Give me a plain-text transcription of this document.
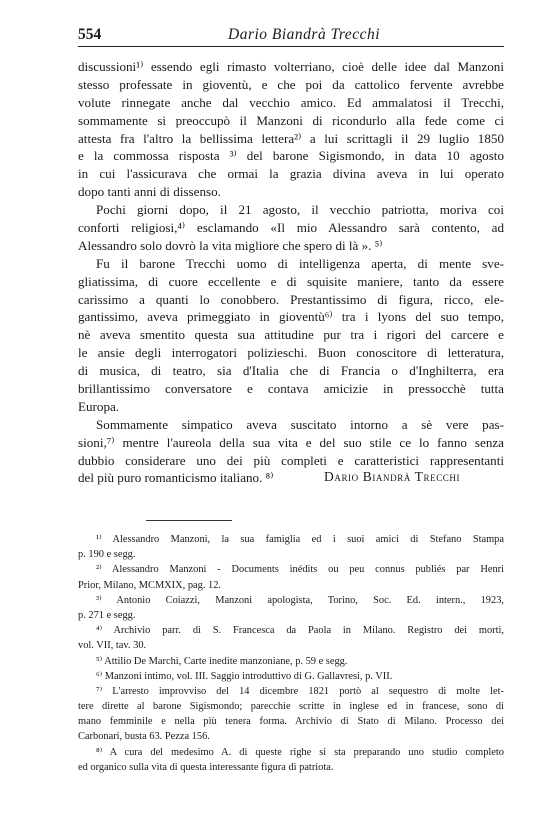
554	Dario Biandrà Trecchi
discussioni¹⁾ essendo egli rimasto volterriano, cioè delle idee dal Manzoni
stesso professate in gioventù, e che poi da cattolico fervente avrebbe
volute rinnegate anche dal vecchio amico. Ed ammalatosi il Trecchi,
sommamente si preoccupò il Manzoni di ricondurlo alla fede come ci
attesta fra l'altro la bellissima lettera²⁾ a lui scrittagli il 29 luglio 1850
e la commossa risposta ³⁾ del barone Sigismondo, in data 10 agosto
in cui l'assicurava che ormai la grazia divina aveva in lui operato
dopo tanti anni di dissenso.
Pochi giorni dopo, il 21 agosto, il vecchio patriotta, moriva coi
conforti religiosi,⁴⁾ esclamando «Il mio Alessandro sarà contento, ad
Alessandro solo dovrò la vita migliore che spero di là ». ⁵⁾
Fu il barone Trecchi uomo di intelligenza aperta, di mente sve-
gliatissima, di cuore eccellente e di squisite maniere, tanto da essere
carissimo a quanti lo conobbero. Prestantissimo di figura, ricco, ele-
gantissimo, aveva primeggiato in gioventù⁶⁾ tra i lyons del suo tempo,
nè aveva smentito questa sua attitudine pur tra i rigori del carcere e
le ansie degli interrogatori polizieschi. Buon conoscitore di letteratura,
di musica, di teatro, sia d'Italia che di Francia o d'Inghilterra, era
brillantissimo conversatore e contava amicizie in pressocchè tutta
Europa.
Sommamente simpatico aveva suscitato intorno a sè vere pas-
sioni,⁷⁾ mentre l'aureola della sua vita e del suo stile ce lo fanno senza
dubbio considerare uno dei più completi e caratteristici rappresentanti
del più puro romanticismo italiano. ⁸⁾	Dario Biandrà Trecchi
¹⁾ Alessandro Manzoni, la sua famiglia ed i suoi amici di Stefano Stampa
p. 190 e segg.
²⁾ Alessandro Manzoni - Documents inédits ou peu connus publiés par Henri
Prior, Milano, MCMXIX, pag. 12.
³⁾ Antonio Coiazzi, Manzoni apologista, Torino, Soc. Ed. intern., 1923,
p. 271 e segg.
⁴⁾ Archivio parr. di S. Francesca da Paola in Milano. Registro dei morti,
vol. VII, tav. 30.
⁵⁾ Attilio De Marchi, Carte inedite manzoniane, p. 59 e segg.
⁶⁾ Manzoni intimo, vol. III. Saggio introduttivo di G. Gallavresi, p. VII.
⁷⁾ L'arresto improvviso del 14 dicembre 1821 portò al sequestro di molte let-
tere dirette al barone Sigismondo; parecchie scritte in inglese ed in francese, sono di
mano femminile e nella più tenera forma. Archivio di Stato di Milano. Processo dei
Carbonari, busta 63. Pezza 156.
⁸⁾ A cura del medesimo A. di queste righe si sta preparando uno studio completo
ed organico sulla vita di questa interessante figura di patriota.
